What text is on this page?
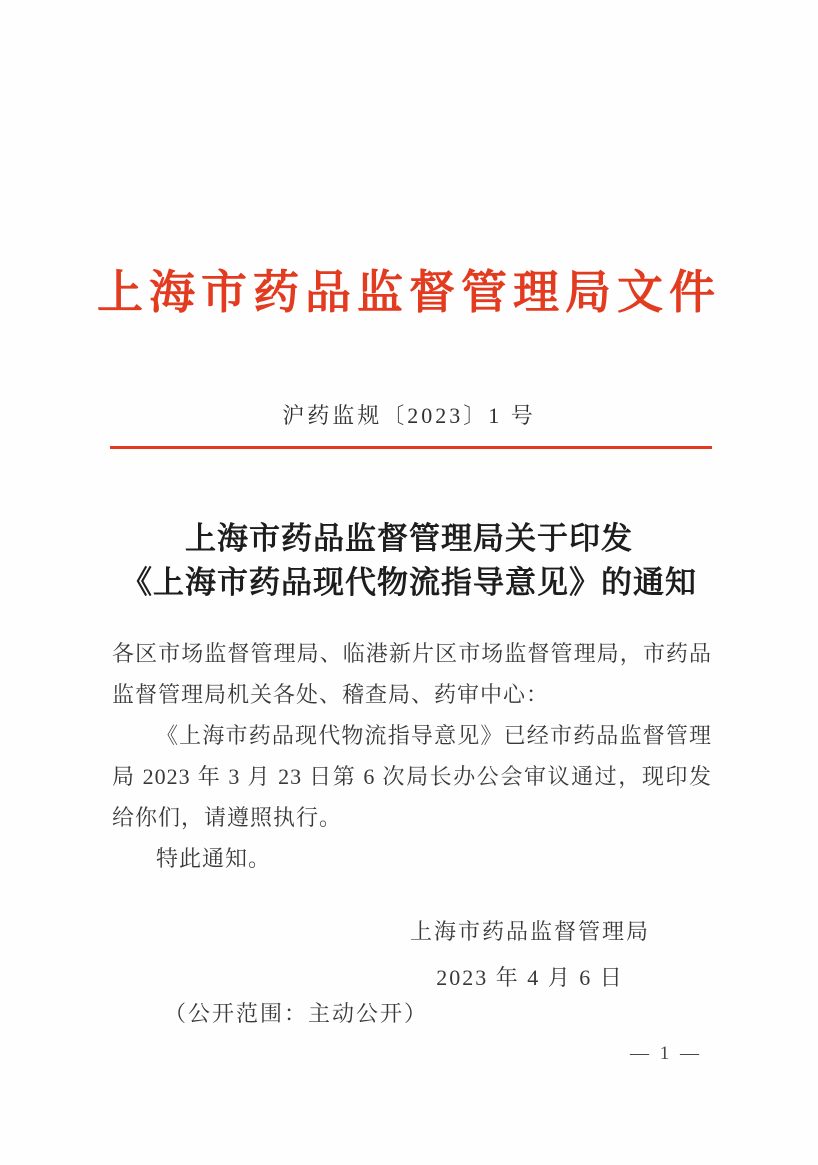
上海市药品监督管理局文件
沪药监规〔2023〕1 号
上海市药品监督管理局关于印发
《上海市药品现代物流指导意见》的通知

各区市场监督管理局、临港新片区市场监督管理局，市药品监督管理局机关各处、稽查局、药审中心：

《上海市药品现代物流指导意见》已经市药品监督管理局 2023 年 3 月 23 日第 6 次局长办公会审议通过，现印发给你们，请遵照执行。

特此通知。

上海市药品监督管理局
2023 年 4 月 6 日
（公开范围：主动公开）
— 1 —
